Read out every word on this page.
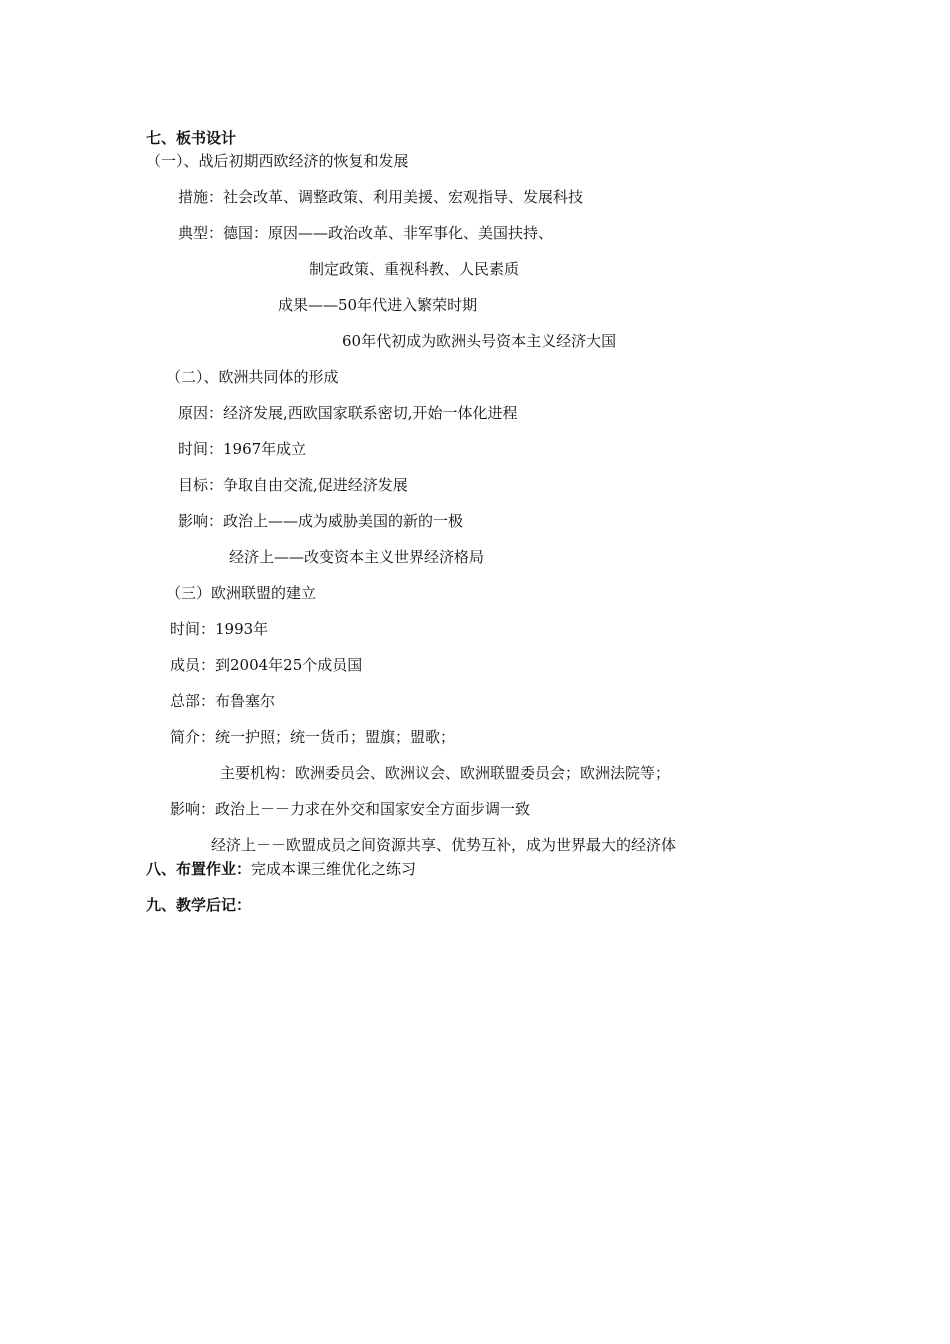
七、板书设计
（一）、战后初期西欧经济的恢复和发展
措施：社会改革、调整政策、利用美援、宏观指导、发展科技
典型：德国：原因——政治改革、非军事化、美国扶持、
制定政策、重视科教、人民素质
成果——50年代进入繁荣时期
60年代初成为欧洲头号资本主义经济大国
（二）、欧洲共同体的形成
原因：经济发展,西欧国家联系密切,开始一体化进程
时间：1967年成立
目标：争取自由交流,促进经济发展
影响：政治上——成为威胁美国的新的一极
经济上——改变资本主义世界经济格局
（三）欧洲联盟的建立
时间：1993年
成员：到2004年25个成员国
总部：布鲁塞尔
简介：统一护照；统一货币；盟旗；盟歌；
主要机构：欧洲委员会、欧洲议会、欧洲联盟委员会；欧洲法院等；
影响：政治上－－力求在外交和国家安全方面步调一致
经济上－－欧盟成员之间资源共享、优势互补，成为世界最大的经济体
八、布置作业：完成本课三维优化之练习
九、教学后记：
